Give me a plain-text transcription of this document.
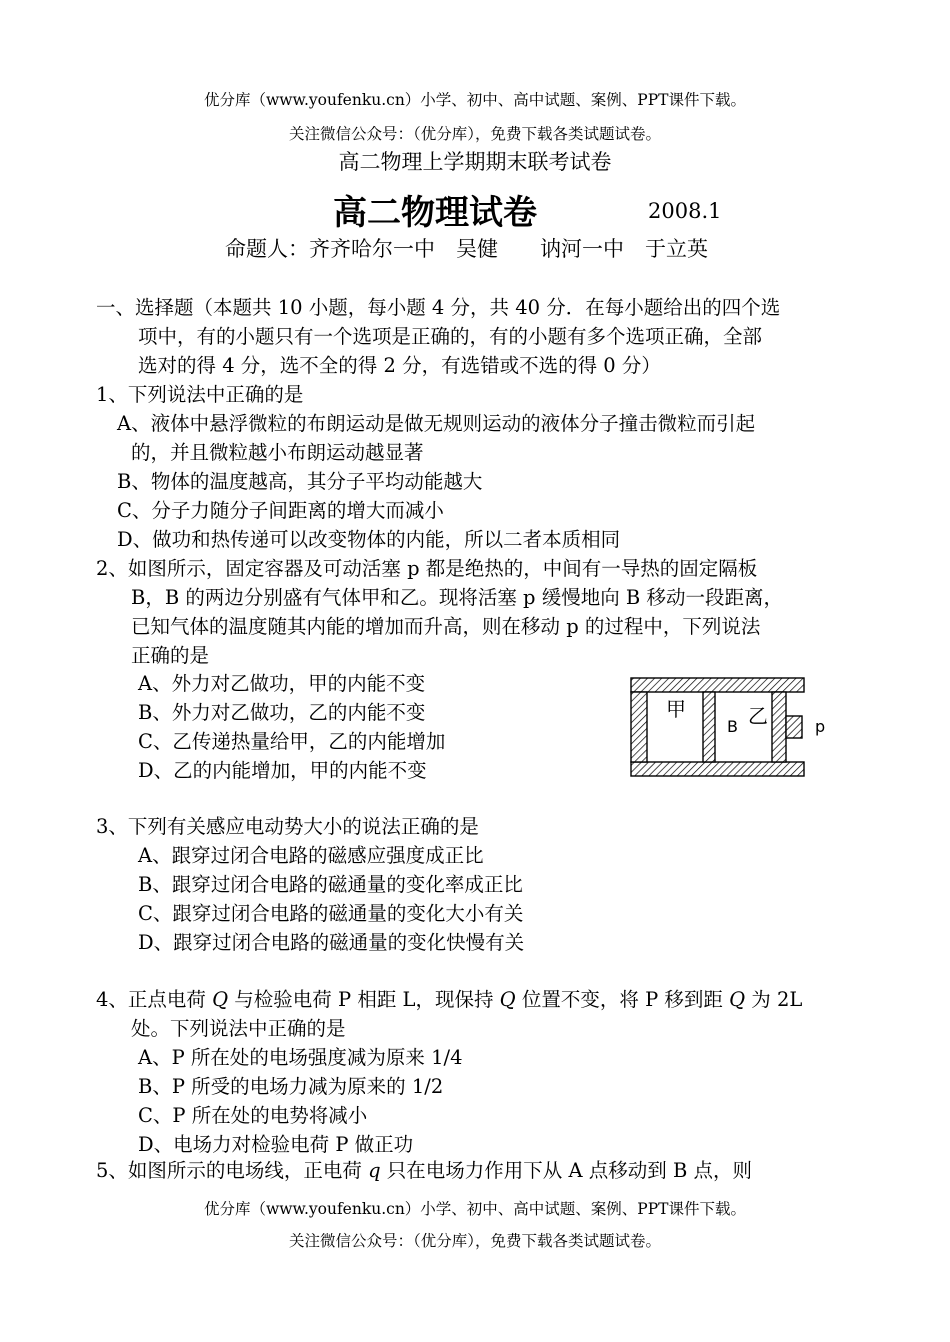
优分库（www.youfenku.cn）小学、初中、高中试题、案例、PPT课件下载。
关注微信公众号：（优分库），免费下载各类试题试卷。
高二物理上学期期末联考试卷
高二物理试卷	2008.1
命题人：齐齐哈尔一中　吴健　　讷河一中　于立英
一、选择题（本题共 10 小题，每小题 4 分，共 40 分．在每小题给出的四个选
项中，有的小题只有一个选项是正确的，有的小题有多个选项正确，全部
选对的得 4 分，选不全的得 2 分，有选错或不选的得 0 分）
1、下列说法中正确的是
A、液体中悬浮微粒的布朗运动是做无规则运动的液体分子撞击微粒而引起
的，并且微粒越小布朗运动越显著
B、物体的温度越高，其分子平均动能越大
C、分子力随分子间距离的增大而减小
D、做功和热传递可以改变物体的内能，所以二者本质相同
2、如图所示，固定容器及可动活塞 p 都是绝热的，中间有一导热的固定隔板
B，B 的两边分别盛有气体甲和乙。现将活塞 p 缓慢地向 B 移动一段距离，
已知气体的温度随其内能的增加而升高，则在移动 p 的过程中，下列说法
正确的是
A、外力对乙做功，甲的内能不变
B、外力对乙做功，乙的内能不变
C、乙传递热量给甲，乙的内能增加
D、乙的内能增加，甲的内能不变
甲
B 乙	p
3、下列有关感应电动势大小的说法正确的是
A、跟穿过闭合电路的磁感应强度成正比
B、跟穿过闭合电路的磁通量的变化率成正比
C、跟穿过闭合电路的磁通量的变化大小有关
D、跟穿过闭合电路的磁通量的变化快慢有关
4、正点电荷 Q 与检验电荷 P 相距 L，现保持 Q 位置不变，将 P 移到距 Q 为 2L
处。下列说法中正确的是
A、P 所在处的电场强度减为原来 1/4
B、P 所受的电场力减为原来的 1/2
C、P 所在处的电势将减小
D、电场力对检验电荷 P 做正功
5、如图所示的电场线，正电荷 q 只在电场力作用下从 A 点移动到 B 点，则
优分库（www.youfenku.cn）小学、初中、高中试题、案例、PPT课件下载。
关注微信公众号：（优分库），免费下载各类试题试卷。
